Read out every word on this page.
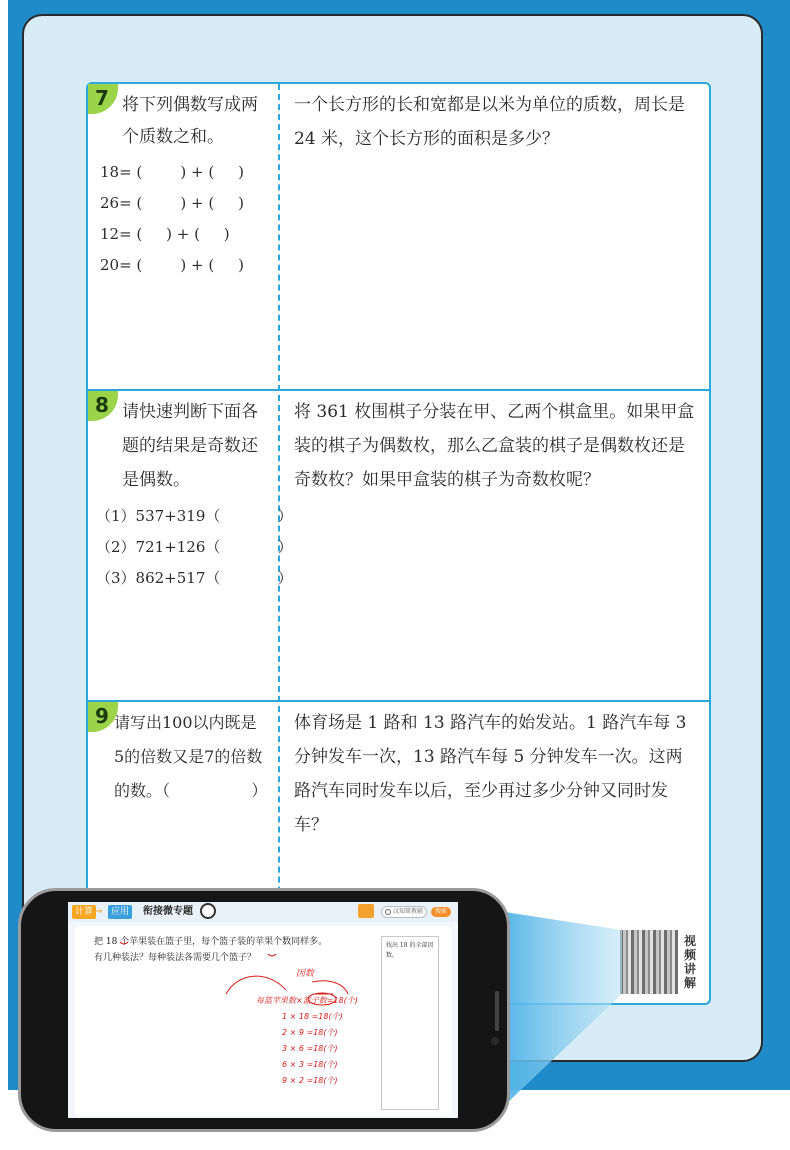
7 将下列偶数写成两
个质数之和。
18= (        ) + (     )
26= (        ) + (     )
12= (     ) + (     )
20= (        ) + (     )
一个长方形的长和宽都是以米为单位的质数，周长是 24 米，这个长方形的面积是多少？
8 请快速判断下面各
题的结果是奇数还
是偶数。
（1）537+319（            ）
（2）721+126（            ）
（3）862+517（            ）
将 361 枚围棋子分装在甲、乙两个棋盒里。如果甲盒装的棋子为偶数枚，那么乙盒装的棋子是偶数枚还是奇数枚？如果甲盒装的棋子为奇数枚呢？
9 请写出100以内既是
5的倍数又是7的倍数
的数。（                ）
体育场是 1 路和 13 路汽车的始发站。1 路汽车每 3 分钟发车一次，13 路汽车每 5 分钟发车一次。这两路汽车同时发车以后，至少再过多少分钟又同时发车？
视
频
讲
解
计算 ⇒ 应用	衔接微专题	汉知简教辅	搜索
把 18 个苹果装在篮子里，每个篮子装的苹果个数同样多。有几种装法？每种装法各需要几个篮子？
找出 18 的全部因数。
因数
每篮苹果数×篮子数=18(个)
1 × 18 =18(个)
2 × 9 =18(个)
3 × 6 =18(个)
6 × 3 =18(个)
9 × 2 =18(个)
